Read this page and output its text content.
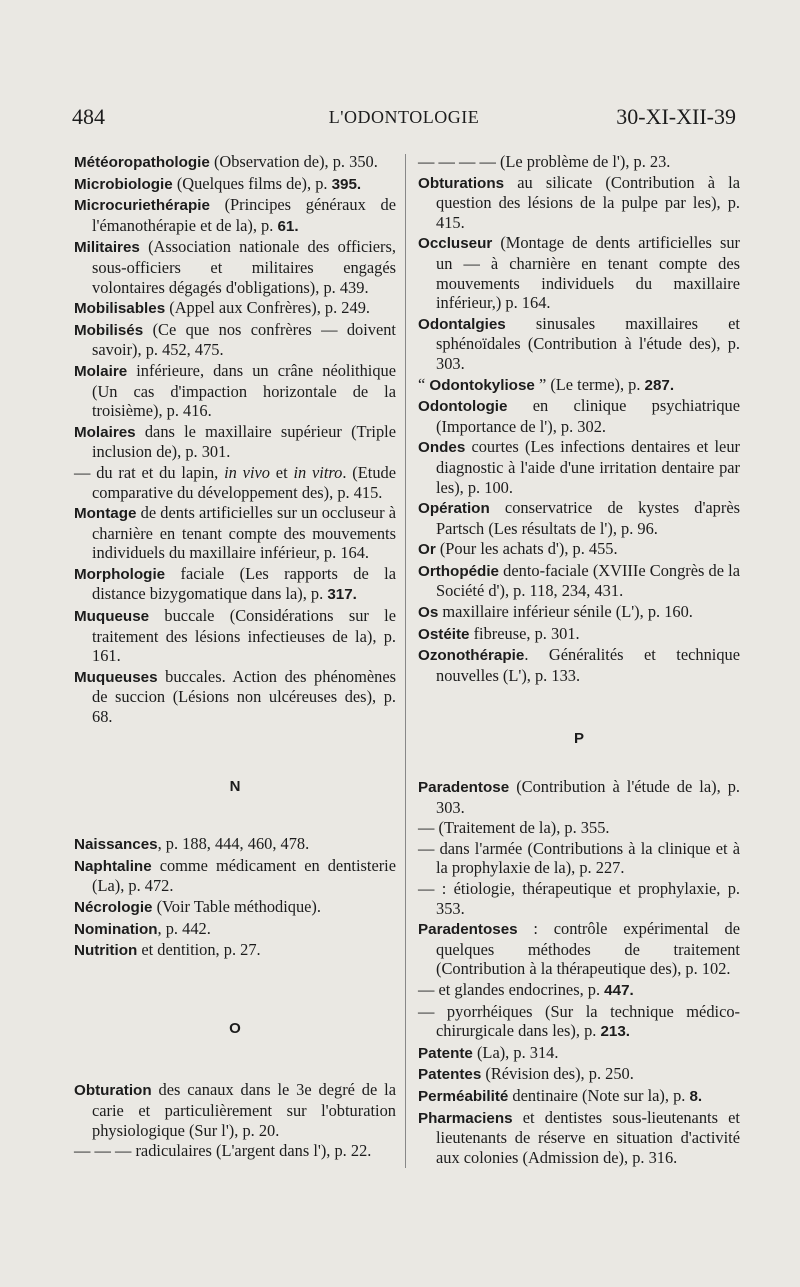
484	L'ODONTOLOGIE	30-XI-XII-39

Météoropathologie (Observation de), p. 350.

Microbiologie (Quelques films de), p. 395.

Microcuriethérapie (Principes généraux de l'émanothérapie et de la), p. 61.

Militaires (Association nationale des officiers, sous-officiers et militaires engagés volontaires dégagés d'obligations), p. 439.

Mobilisables (Appel aux Confrères), p. 249.

Mobilisés (Ce que nos confrères — doivent savoir), p. 452, 475.

Molaire inférieure, dans un crâne néolithique (Un cas d'impaction horizontale de la troisième), p. 416.

Molaires dans le maxillaire supérieur (Triple inclusion de), p. 301.

— du rat et du lapin, in vivo et in vitro. (Etude comparative du développement des), p. 415.

Montage de dents artificielles sur un occluseur à charnière en tenant compte des mouvements individuels du maxillaire inférieur, p. 164.

Morphologie faciale (Les rapports de la distance bizygomatique dans la), p. 317.

Muqueuse buccale (Considérations sur le traitement des lésions infectieuses de la), p. 161.

Muqueuses buccales. Action des phénomènes de succion (Lésions non ulcéreuses des), p. 68.

N

Naissances, p. 188, 444, 460, 478.

Naphtaline comme médicament en dentisterie (La), p. 472.

Nécrologie (Voir Table méthodique).

Nomination, p. 442.

Nutrition et dentition, p. 27.

O

Obturation des canaux dans le 3e degré de la carie et particulièrement sur l'obturation physiologique (Sur l'), p. 20.

— — — radiculaires (L'argent dans l'), p. 22.

— — — — (Le problème de l'), p. 23.

Obturations au silicate (Contribution à la question des lésions de la pulpe par les), p. 415.

Occluseur (Montage de dents artificielles sur un — à charnière en tenant compte des mouvements individuels du maxillaire inférieur,) p. 164.

Odontalgies sinusales maxillaires et sphénoïdales (Contribution à l'étude des), p. 303.

“ Odontokyliose ” (Le terme), p. 287.

Odontologie en clinique psychiatrique (Importance de l'), p. 302.

Ondes courtes (Les infections dentaires et leur diagnostic à l'aide d'une irritation dentaire par les), p. 100.

Opération conservatrice de kystes d'après Partsch (Les résultats de l'), p. 96.

Or (Pour les achats d'), p. 455.

Orthopédie dento-faciale (XVIIIe Congrès de la Société d'), p. 118, 234, 431.

Os maxillaire inférieur sénile (L'), p. 160.

Ostéite fibreuse, p. 301.

Ozonothérapie. Généralités et technique nouvelles (L'), p. 133.

P

Paradentose (Contribution à l'étude de la), p. 303.

— (Traitement de la), p. 355.

— dans l'armée (Contributions à la clinique et à la prophylaxie de la), p. 227.

— : étiologie, thérapeutique et prophylaxie, p. 353.

Paradentoses : contrôle expérimental de quelques méthodes de traitement (Contribution à la thérapeutique des), p. 102.

— et glandes endocrines, p. 447.

— pyorrhéiques (Sur la technique médico-chirurgicale dans les), p. 213.

Patente (La), p. 314.

Patentes (Révision des), p. 250.

Perméabilité dentinaire (Note sur la), p. 8.

Pharmaciens et dentistes sous-lieutenants et lieutenants de réserve en situation d'activité aux colonies (Admission de), p. 316.
